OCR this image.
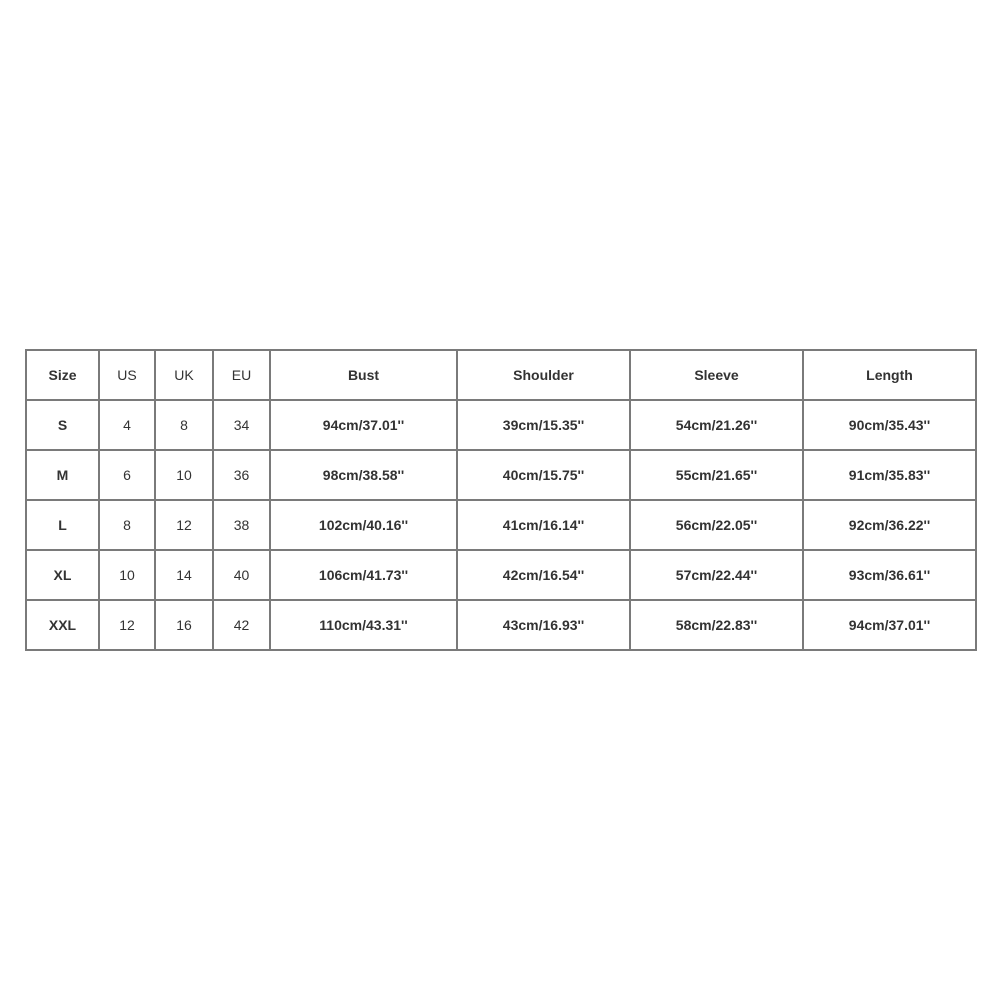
Size	US	UK	EU	Bust	Shoulder	Sleeve	Length
S	4	8	34	94cm/37.01''	39cm/15.35''	54cm/21.26''	90cm/35.43''
M	6	10	36	98cm/38.58''	40cm/15.75''	55cm/21.65''	91cm/35.83''
L	8	12	38	102cm/40.16''	41cm/16.14''	56cm/22.05''	92cm/36.22''
XL	10	14	40	106cm/41.73''	42cm/16.54''	57cm/22.44''	93cm/36.61''
XXL	12	16	42	110cm/43.31''	43cm/16.93''	58cm/22.83''	94cm/37.01''
